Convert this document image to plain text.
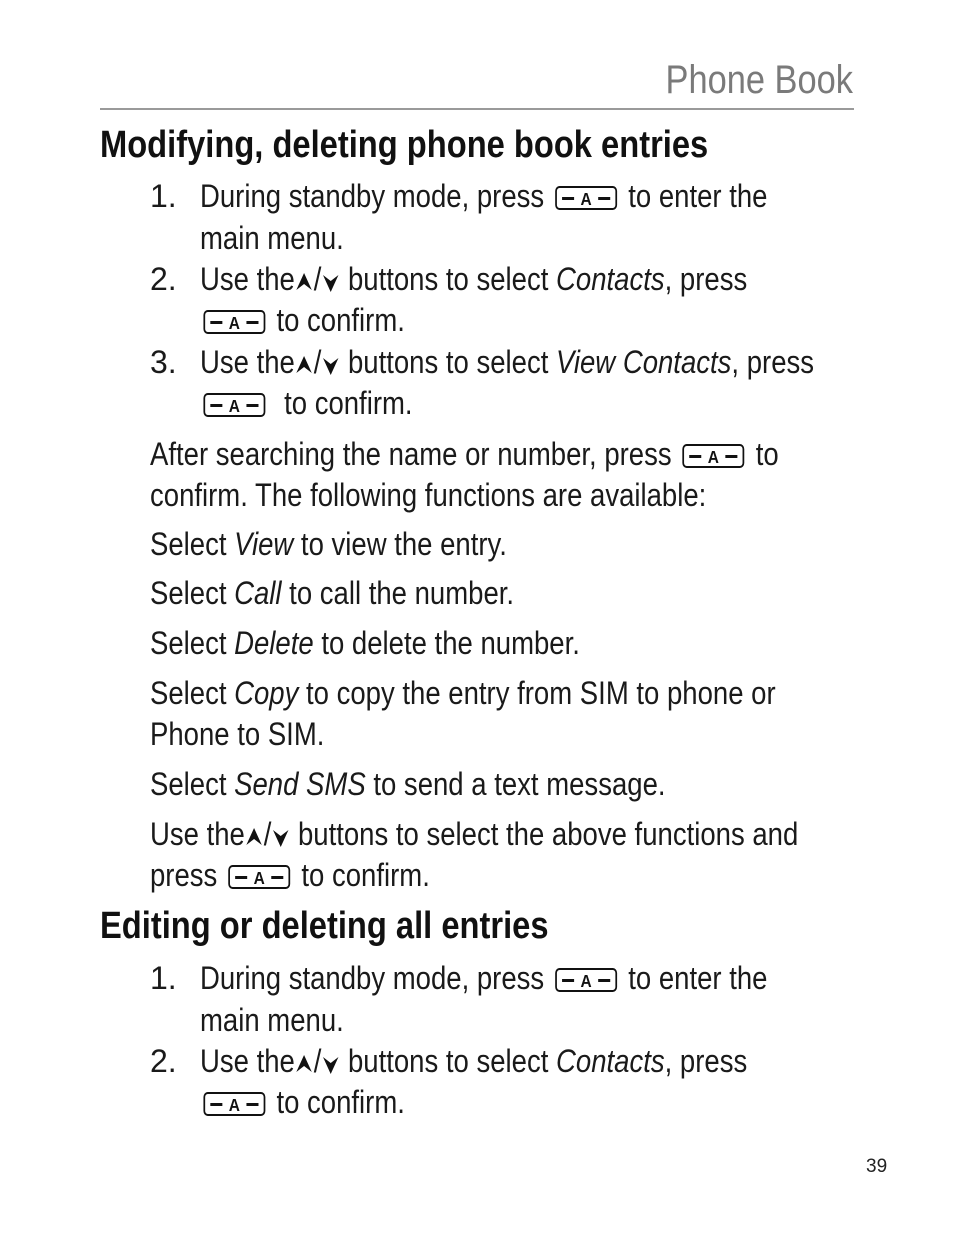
Phone Book
Modifying, deleting phone book entries
1. During standby mode, press A to enter the
main menu.
2. Use the / buttons to select Contacts, press
A to confirm.
3. Use the / buttons to select View Contacts, press
A to confirm.
After searching the name or number, press A to
confirm. The following functions are available:
Select View to view the entry.
Select Call to call the number.
Select Delete to delete the number.
Select Copy to copy the entry from SIM to phone or
Phone to SIM.
Select Send SMS to send a text message.
Use the / buttons to select the above functions and
press A to confirm.
Editing or deleting all entries
1. During standby mode, press A to enter the
main menu.
2. Use the / buttons to select Contacts, press
A to confirm.
39
